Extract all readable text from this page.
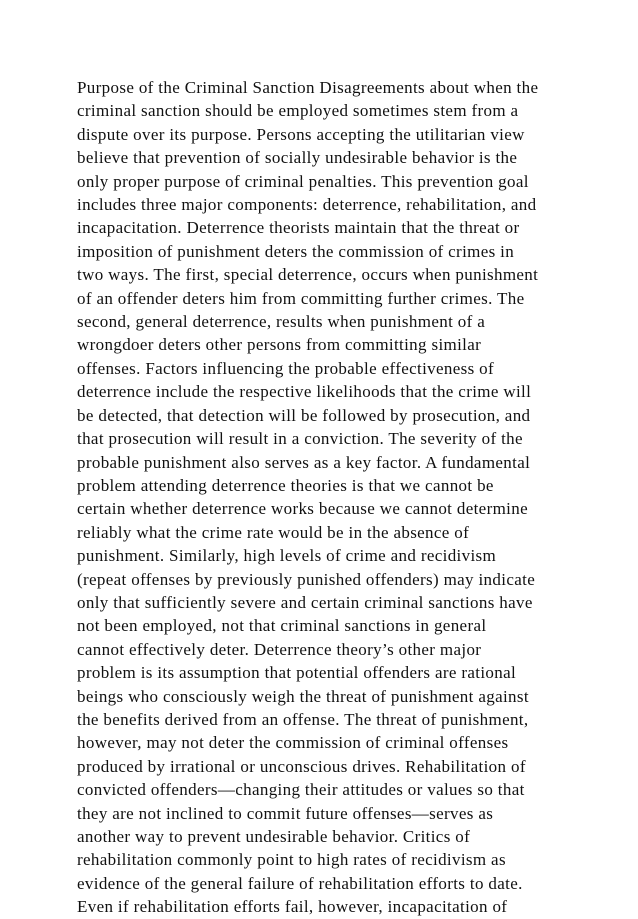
Purpose of the Criminal Sanction Disagreements about when the
criminal sanction should be employed sometimes stem from a
dispute over its purpose. Persons accepting the utilitarian view
believe that prevention of socially undesirable behavior is the
only proper purpose of criminal penalties. This prevention goal
includes three major components: deterrence, rehabilitation, and
incapacitation. Deterrence theorists maintain that the threat or
imposition of punishment deters the commission of crimes in
two ways. The first, special deterrence, occurs when punishment
of an offender deters him from committing further crimes. The
second, general deterrence, results when punishment of a
wrongdoer deters other persons from committing similar
offenses. Factors influencing the probable effectiveness of
deterrence include the respective likelihoods that the crime will
be detected, that detection will be followed by prosecution, and
that prosecution will result in a conviction. The severity of the
probable punishment also serves as a key factor. A fundamental
problem attending deterrence theories is that we cannot be
certain whether deterrence works because we cannot determine
reliably what the crime rate would be in the absence of
punishment. Similarly, high levels of crime and recidivism
(repeat offenses by previously punished offenders) may indicate
only that sufficiently severe and certain criminal sanctions have
not been employed, not that criminal sanctions in general
cannot effectively deter. Deterrence theory’s other major
problem is its assumption that potential offenders are rational
beings who consciously weigh the threat of punishment against
the benefits derived from an offense. The threat of punishment,
however, may not deter the commission of criminal offenses
produced by irrational or unconscious drives. Rehabilitation of
convicted offenders—changing their attitudes or values so that
they are not inclined to commit future offenses—serves as
another way to prevent undesirable behavior. Critics of
rehabilitation commonly point to high rates of recidivism as
evidence of the general failure of rehabilitation efforts to date.
Even if rehabilitation efforts fail, however, incapacitation of
